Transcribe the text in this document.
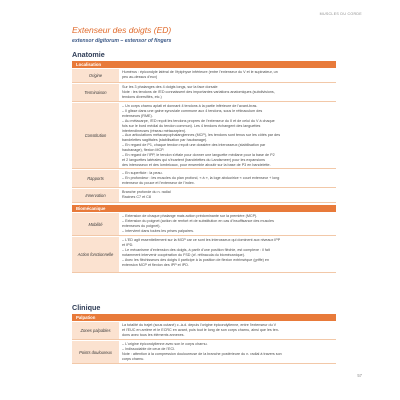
MUSCLES DU CORDE
Extenseur des doigts (ED)
extensor digitorum – extensor of fingers
Anatomie
Localisation
Origine
Humérus : épicondyle latéral de l'épiphyse inférieure (entre l'extenseur du V et le supinateur, un
peu au-dessus d'eux)
Terminaison
Sur les 3 phalanges des 4 doigts longs, sur la face dorsale
Note : les tendons de l'ED connaissent des importantes variations anatomiques (subdivisions,
tendons diversifiés, etc.)
Constitution
– Un corps charnu aplati et donnant 4 tendons à la partie inférieure de l'avant-bras.
– Il glisse dans une gaine synoviale commune aux 4 tendons, sous le rétinaculum des
extenseurs (RME).
– Au métacarpe, l'ED reçoit les tendons propres de l'extenseur du II et de celui du V à chaque
fois sur le bord médial du tendon commun). Les 4 tendons échangent des languettes
intertendineuses (réseau métacarpien).
– Aux articulations métacarpophalangiennes (MCP), les tendons sont tenus sur les côtés par des
bandelettes sagittales (stabilisation par haubanage).
– En regard de P1, chaque tendon reçoit une dossière des interosseux (stabilisation par
haubanage), flexion MCP.
– En regard de l'IPP, le tendon s'étale pour donner une languette médiane pour la base de P2
et 2 languettes latérales qui s'écartent (bandelettes du Landsmeer) pour les expansions
des interosseux et des lombricaux, pour ensemble aboutir sur la base de P3 en bandelette.
Rapports
– En superficie : la peau.
– En profondeur : les muscles du plan profond, « à », la loge abductrice « court extenseur + long
extenseur du pouce et l'extenseur de l'index.
Innervation
Branche profonde du n. radial
Racines C7 et C8
Biomécanique
Mobilité
– Extension de chaque phalange mais action prédominante sur la première (MCP).
– Extension du poignet (action de renfort et de substitution en cas d'insuffisance des muscles
extenseurs du poignet).
– Intervient dans toutes les prises palpaires.
Action fonctionnelle
– L'ED agit essentiellement sur la MCP car ce sont les interosseux qui dominent aux niveaux IPP
et IPD.
– Le mécanisme d'extension des doigts, à partir d'une position fléchie, est complexe : il fait
notamment intervenir coopération du FSD (cf. rétinacula du biomécanique).
– Avec les fléchisseurs des doigts il participe à la position de flexion extrinsèque (griffe) en
extension MCP et flexion des IPP et IPD.
Clinique
Palpation
Zones palpables
La totalité du trajet (sous cutané) c.-à-d. depuis l'origine épicondylienne, entre l'extenseur du V
et l'EUC en arrière et le ECRC en avant, puis tout le long de son corps charnu, ainsi que les ten-
dons avec tous les éléments annexes.
Points douloureux
– L'origine épicondylienne avec son le corps charnu.
– Indissociable de ceux de l'ECI.
Note : attention à la compression douloureuse de la branche postérieure du n. radial à travers son
corps charnu.
57
